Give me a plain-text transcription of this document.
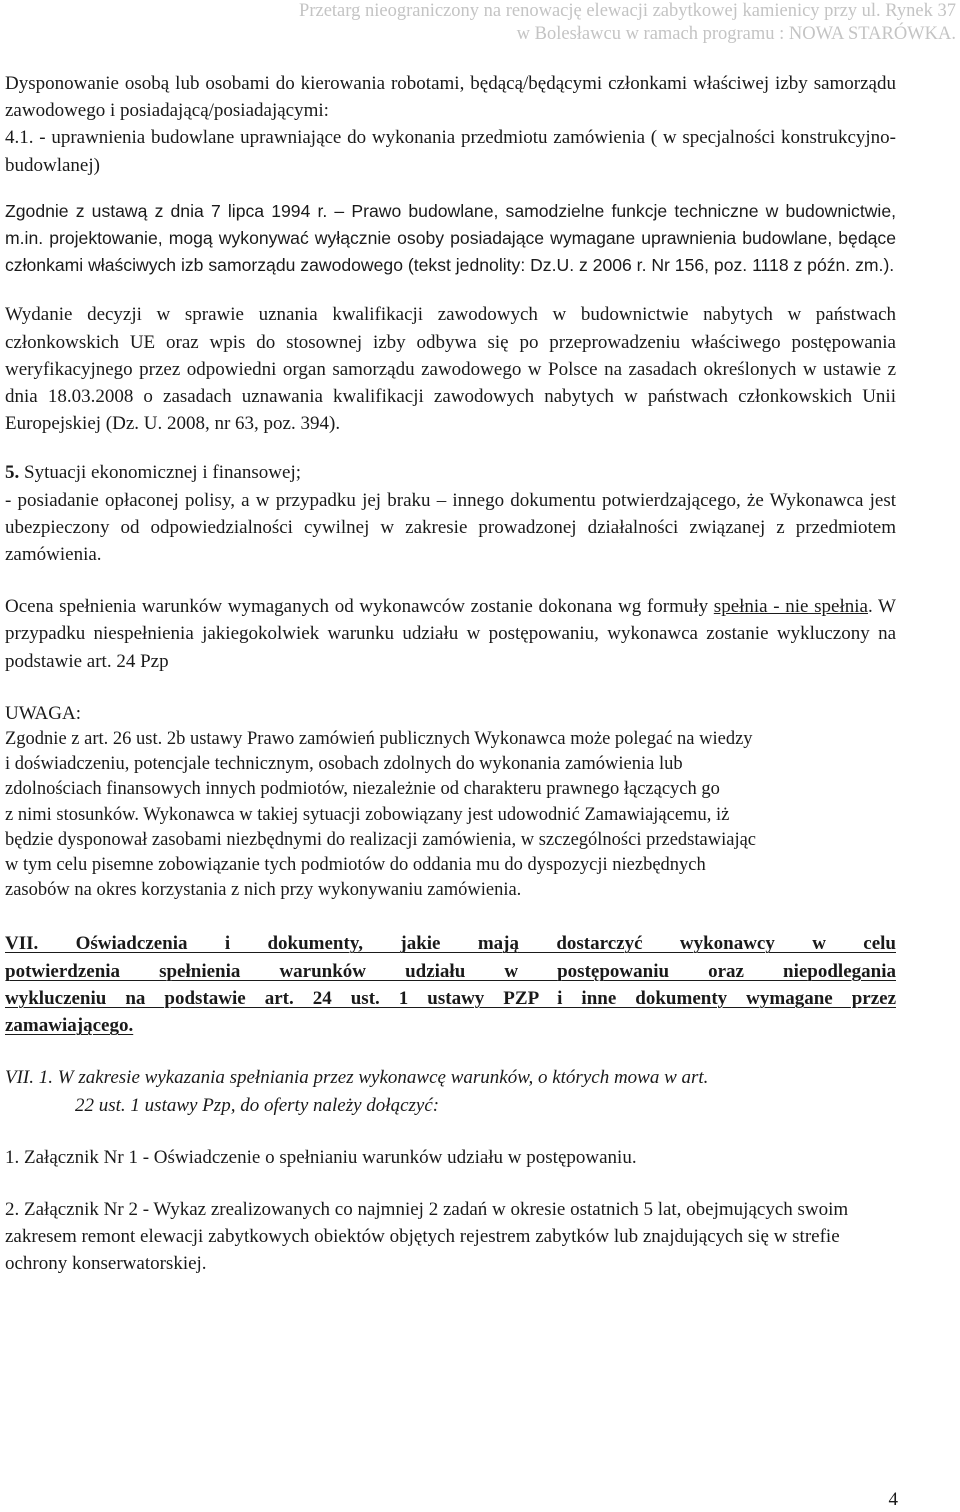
Przetarg nieograniczony na renowację elewacji zabytkowej kamienicy przy ul. Rynek 37
w Bolesławcu w ramach programu : NOWA STARÓWKA.

Dysponowanie osobą lub osobami do kierowania robotami, będącą/będącymi członkami właściwej izby samorządu zawodowego i posiadającą/posiadającymi:

4.1. - uprawnienia budowlane uprawniające do wykonania przedmiotu zamówienia ( w specjalności konstrukcyjno-budowlanej)

Zgodnie z ustawą z dnia 7 lipca 1994 r. – Prawo budowlane, samodzielne funkcje techniczne w budownictwie, m.in. projektowanie, mogą wykonywać wyłącznie osoby posiadające wymagane uprawnienia budowlane, będące członkami właściwych izb samorządu zawodowego (tekst jednolity: Dz.U. z 2006 r. Nr 156, poz. 1118 z późn. zm.).

Wydanie decyzji w sprawie uznania kwalifikacji zawodowych w budownictwie nabytych w państwach członkowskich UE oraz wpis do stosownej izby odbywa się po przeprowadzeniu właściwego postępowania weryfikacyjnego przez odpowiedni organ samorządu zawodowego w Polsce na zasadach określonych w ustawie z dnia 18.03.2008 o zasadach uznawania kwalifikacji zawodowych nabytych w państwach członkowskich Unii Europejskiej (Dz. U. 2008, nr 63, poz. 394).

5. Sytuacji ekonomicznej i finansowej;

- posiadanie opłaconej polisy, a w przypadku jej braku – innego dokumentu potwierdzającego, że Wykonawca jest ubezpieczony od odpowiedzialności cywilnej w zakresie prowadzonej działalności związanej z przedmiotem zamówienia.

Ocena spełnienia warunków wymaganych od wykonawców zostanie dokonana wg formuły spełnia - nie spełnia. W przypadku niespełnienia jakiegokolwiek warunku udziału w postępowaniu, wykonawca zostanie wykluczony na podstawie art. 24 Pzp

UWAGA:

Zgodnie z art. 26 ust. 2b ustawy Prawo zamówień publicznych Wykonawca może polegać na wiedzy
i doświadczeniu, potencjale technicznym, osobach zdolnych do wykonania zamówienia lub
zdolnościach finansowych innych podmiotów, niezależnie od charakteru prawnego łączących go
z nimi stosunków. Wykonawca w takiej sytuacji zobowiązany jest udowodnić Zamawiającemu, iż
będzie dysponował zasobami niezbędnymi do realizacji zamówienia, w szczególności przedstawiając
w tym celu pisemne zobowiązanie tych podmiotów do oddania mu do dyspozycji niezbędnych
zasobów na okres korzystania z nich przy wykonywaniu zamówienia.
VII. Oświadczenia i dokumenty, jakie mają dostarczyć wykonawcy w celu
potwierdzenia spełnienia warunków udziału w postępowaniu oraz niepodlegania
wykluczeniu na podstawie art. 24 ust. 1 ustawy PZP i inne dokumenty wymagane przez
zamawiającego.

VII. 1. W zakresie wykazania spełniania przez wykonawcę warunków, o których mowa w art.

22 ust. 1 ustawy Pzp, do oferty należy dołączyć:

1. Załącznik Nr 1 - Oświadczenie o spełnianiu warunków udziału w postępowaniu.

2. Załącznik Nr 2 - Wykaz zrealizowanych co najmniej 2 zadań w okresie ostatnich 5 lat, obejmujących swoim zakresem remont elewacji zabytkowych obiektów objętych rejestrem zabytków lub znajdujących się w strefie ochrony konserwatorskiej.

4
